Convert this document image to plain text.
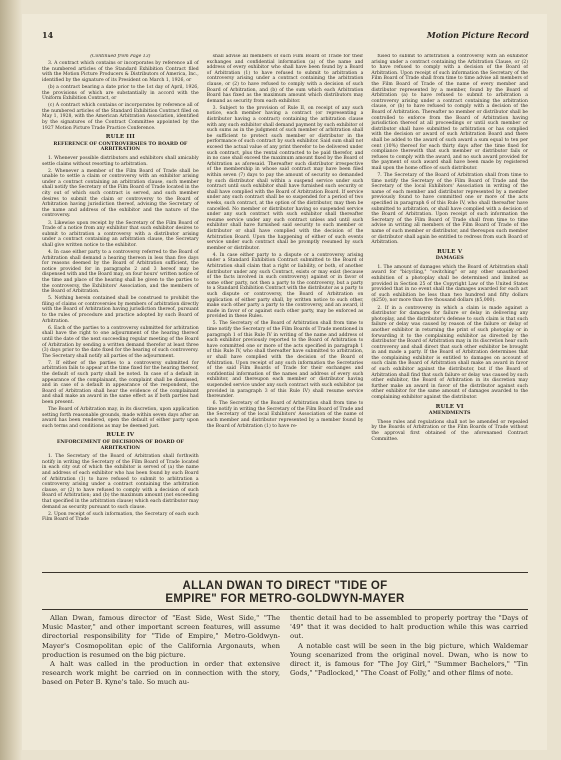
14	Motion Picture Record

(Continued from Page 13)

3. A contract which contains or incorporates by reference all of the numbered articles of the Standard Exhibition Contract filed with the Motion Picture Producers & Distributors of America, Inc., identified by the signature of its President on March 1, 1926, or

(b) a contract bearing a date prior to the 1st day of April, 1926, the provisions of which are substantially in accord with the Uniform Exhibition Contract, or

(c) A contract which contains or incorporates by reference all of the numbered articles of the Standard Exhibition Contract filed on May 1, 1928, with the American Arbitration Association, identified by the signatures of the Contract Committee appointed by the 1927 Motion Picture Trade Practice Conference.

RULE III
REFERENCE OF CONTROVERSIES TO BOARD OF ARBITRATION

1. Whenever possible distributors and exhibitors shall amicably settle claims without resorting to arbitration.

2. Whenever a member of the Film Board of Trade shall be unable to settle a claim or controversy with an exhibitor arising under a contract containing an arbitration clause, such member shall notify the Secretary of the Film Board of Trade located in the city out of which such contract is served, and such member desires to submit the claim or controversy to the Board of Arbitration having jurisdiction thereof, advising the Secretary of the name and address of the exhibitor and the nature of the controversy.

3. Likewise upon receipt by the Secretary of the Film Board of Trade of a notice from any exhibitor that such exhibitor desires to submit to arbitration a controversy with a distributor arising under a contract containing an arbitration clause, the Secretary shall give written notice to the exhibitor.

4. In case either party to a controversy referred to the Board of Arbitration shall demand a hearing thereon in less than five days for reasons deemed by the Board of Arbitration sufficient, the notice provided for in paragraphs 2 and 3 hereof may be dispensed with and the Board may, on four hours' written notice of the time and place of the hearing shall be given to the parties to the controversy, the Exhibitors' Association, and the members of the Board of Arbitration.

5. Nothing herein contained shall be construed to prohibit the filing of claims or controversies by members of arbitration directly with the Board of Arbitration having jurisdiction thereof, pursuant to the rules of procedure and practice adopted by such Board of Arbitration.

6. Each of the parties to a controversy submitted for arbitration shall have the right to one adjournment of the hearing thereof until the date of the next succeeding regular meeting of the Board of Arbitration by sending a written demand therefor at least three (3) days prior to the date fixed for the hearing of such controversy. The Secretary shall notify all parties of the adjournment.

7. If either of the parties to a controversy submitted for arbitration fails to appear at the time fixed for the hearing thereof, the default of such party shall be noted. In case of a default in appearance of the complainant, the complaint shall be dismissed, and in case of a default in appearance of the respondent, the Board of Arbitration shall hear the evidence of the complainant and shall make an award in the same effect as if both parties had been present.

The Board of Arbitration may, in its discretion, upon application setting forth reasonable grounds, made within seven days after an award has been rendered, open the default of either party upon such terms and conditions as may be deemed just.

RULE IV
ENFORCEMENT OF DECISIONS OF BOARD OF ARBITRATION

1. The Secretary of the Board of Arbitration shall forthwith notify in writing the Secretary of the Film Board of Trade located in each city out of which the exhibitor is served of (a) the name and address of each exhibitor who has been found by such Board of Arbitration (1) to have refused to submit to arbitration a controversy arising under a contract containing the arbitration clause, or (2) to have refused to comply with a decision of such Board of Arbitration; and (b) the maximum amount (not exceeding that specified in the arbitration clause) which each distributor may demand as security pursuant to such clause.

2. Upon receipt of such information, the Secretary of each such Film Board of Trade

shall advise all members of such Film Board of Trade for their exchanges and confidential information (a) of the name and address of every exhibitor who shall have been found by a Board of Arbitration (1) to have refused to submit to arbitration a controversy arising under a contract containing the arbitration clause, or (2) to have refused to comply with a decision of such Board of Arbitration, and (b) of the sum which each Arbitration Board has fixed as the maximum amount which distributors may demand as security from each exhibitor.

3. Subject to the provision of Rule II, on receipt of any such notice, each member having a contract (or representing a distributor having a contract) containing the arbitration clause with any such exhibitor shall demand payment by such exhibitor of such sums as in the judgment of such member of arbitration shall be sufficient to protect such member or distributor in the performance of such contract by such exhibitor. Said sum shall not exceed the actual value of any print therefor to be delivered under such contract, plus the rental contracted to be paid therefor, and in no case shall exceed the maximum amount fixed by the Board of Arbitration as aforesaid. Thereafter such distributor irrespective of the membership in whose said contract may have been filed within seven (7) days to pay the amount of security so demanded by such distributor shall within a suspend service under such contract until such exhibitor shall have furnished such security or shall have complied with the Board of Arbitration Board. If service under any such contract shall be so suspended for a period of two weeks, such contract, at the option of the distributor, may then be cancelled. No member or distributor having so suspended service under any such contract with such exhibitor shall thereafter resume service under any such contract unless and until such exhibitor shall have furnished said security to such member or distributor or shall have complied with the decision of the Arbitration Board. Upon the happening of either of such events service under such contract shall be promptly resumed by such member or distributor.

4. In case either party to a dispute or a controversy arising under a Standard Exhibition Contract submitted to the Board of Arbitration shall claim that a right or liability, or both, of another distributor under any such Contract, exists or may exist (because of the facts involved in such controversy) against or in favor of some other party, not then a party to the controversy, but a party to a Standard Exhibition Contract with the distributor as a party to such dispute or controversy, the Board of Arbitration on application of either party shall, by written notice to such other, make such other party a party to the controversy, and an award, if made in favor of or against such other party, may be enforced as provided in these Rules.

5. The Secretary of the Board of Arbitration shall from time to time notify the Secretary of the Film Boards of Trade mentioned in paragraph 1 of this Rule IV in writing of the name and address of each exhibitor previously reported to the Board of Arbitration to have committed one or more of the acts specified in paragraph 1 of this Rule IV, who shall thereafter have submitted to arbitration, or shall have complied with the decision of the Board of Arbitration. Upon receipt of any such information the Secretaries of the said Film Boards of Trade for their exchanges and confidential information of the names and address of every such exhibitor, and thereupon each member or distributor having suspended service under any such contract with such exhibitor (as provided in paragraph 3 of this Rule IV) shall resume service thereunder.

6. The Secretary of the Board of Arbitration shall from time to time notify in writing the Secretary of the Film Board of Trade and the Secretary of the local Exhibitors' Association of the name of each member and distributor represented by a member found by the Board of Arbitration (1) to have re-

fused to submit to arbitration a controversy with an exhibitor arising under a contract containing the Arbitration Clause, or (2) to have refused to comply with a decision of the Board of Arbitration. Upon receipt of such information the Secretary of the Film Board of Trade shall from time to time advise all members of the Film Board of Trade of the name of every member and distributor represented by a member, found by the Board of Arbitration (a) to have refused to submit to arbitration a controversy arising under a contract containing the arbitration clause, or (b) to have refused to comply with a decision of the Board of Arbitration. Thereafter no member or distributor shall be controlled to enforce from the Board of Arbitration having jurisdiction thereof at all proceedings or until such member or distributor shall have submitted to arbitration or has complied with the decision or award of such Arbitration Board and there shall be added to the award of such award a sum equal to ten per cent (10%) thereof for each thirty days after the time fixed for compliance therewith that such member or distributor fails or refuses to comply with the award, and no such award provided for the payment of such award shall have been made by registered mail upon the home office of such distributor.

7. The Secretary of the Board of Arbitration shall from time to time notify the Secretary of the Film Board of Trade and the Secretary of the local Exhibitors' Association in writing of the name of each member and distributor represented by a member previously found to have committed one or more of the acts specified in paragraph 6 of this Rule IV, who shall thereafter have submitted to arbitration, or shall have complied with a decision of the Board of Arbitration. Upon receipt of such information the Secretary of the Film Board of Trade shall from time to time advise in writing all members of the Film Board of Trade of the name of such member or distributor, and thereupon such member or distributor shall again be entitled to redress from such Board of Arbitration.

RULE V
DAMAGES

1. The amount of damages which the Board of Arbitration shall award for "bicycling," "switching" or any other unauthorized exhibition of a photoplay shall be determined and limited as provided in Section 25 of the Copyright Law of the United States provided that in no event shall the damages awarded for each act of such exhibition be less than two hundred and fifty dollars ($250), nor more than five thousand dollars ($5,000).

2. If in a controversy in which a claim is made against a distributor for damages for failure or delay in delivering any photoplay, and the distributor's defense to such claim is that such failure or delay was caused by reason of the failure or delay of another exhibitor in returning the print of such photoplay or in forwarding it to the complaining exhibitor as directed by the distributor the Board of Arbitration may in its discretion hear such controversy and shall direct that such other exhibitor be brought in and made a party. If the Board of Arbitration determines that the complaining exhibitor is entitled to damages on account of such claim the Board of Arbitration shall make an award in favor of such exhibitor against the distributor, but if the Board of Arbitration shall find that such failure or delay was caused by such other exhibitor, the Board of Arbitration in its discretion may further make an award in favor of the distributor against such other exhibitor for the same amount of damages awarded to the complaining exhibitor against the distributor.

RULE VI
AMENDMENTS

These rules and regulations shall not be amended or repealed by the Boards of Arbitration or the Film Boards of Trade without the approval first obtained of the aforenamed Contract Committee.

ALLAN DWAN TO DIRECT "TIDE OF
EMPIRE" FOR METRO-GOLDWYN-MAYER

Allan Dwan, famous director of "East Side, West Side," "The Music Master," and other important screen features, will assume directorial responsibility for "Tide of Empire," Metro-Goldwyn-Mayer's Cosmopolitan epic of the California Argonauts, when production is resumed on the big picture.

A halt was called in the production in order that extensive research work might be carried on in connection with the story, based on Peter B. Kyne's tale. So much au-

thentic detail had to be assembled to properly portray the "Days of '49" that it was decided to halt production while this was carried out.

A notable cast will be seen in the big picture, which Waldemar Young scenarized from the original novel. Dwan, who is now to direct it, is famous for "The Joy Girl," "Summer Bachelors," "Tin Gods," "Padlocked," "The Coast of Folly," and other films of note.
